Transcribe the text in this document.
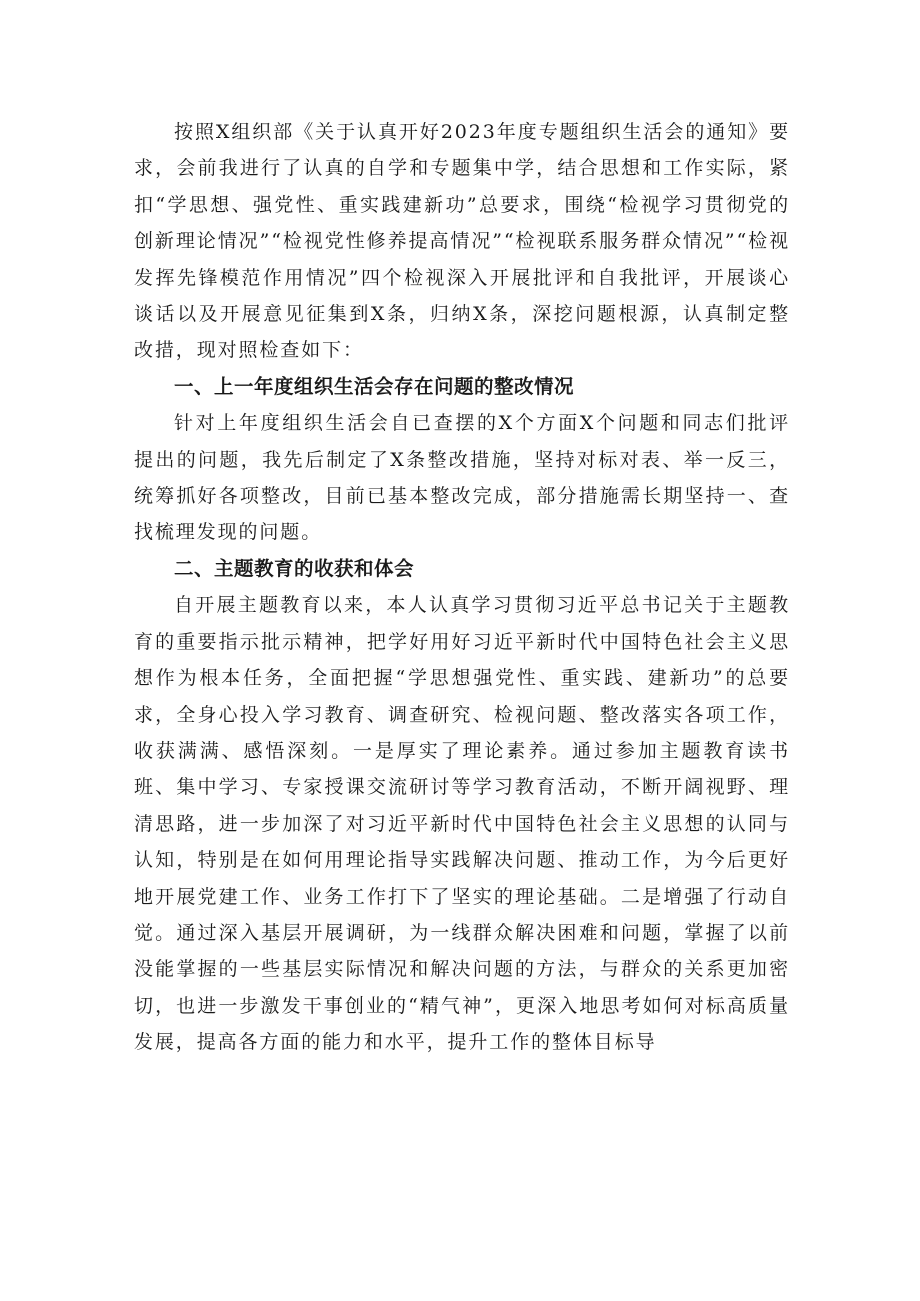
按照X组织部《关于认真开好2023年度专题组织生活会的通知》要求，会前我进行了认真的自学和专题集中学，结合思想和工作实际，紧扣“学思想、强党性、重实践建新功”总要求，围绕“检视学习贯彻党的创新理论情况”“检视党性修养提高情况”“检视联系服务群众情况”“检视发挥先锋模范作用情况”四个检视深入开展批评和自我批评，开展谈心谈话以及开展意见征集到X条，归纳X条，深挖问题根源，认真制定整改措，现对照检查如下：

一、上一年度组织生活会存在问题的整改情况

针对上年度组织生活会自已查摆的X个方面X个问题和同志们批评提出的问题，我先后制定了X条整改措施，坚持对标对表、举一反三，统筹抓好各项整改，目前已基本整改完成，部分措施需长期坚持一、查找梳理发现的问题。

二、主题教育的收获和体会

自开展主题教育以来，本人认真学习贯彻习近平总书记关于主题教育的重要指示批示精神，把学好用好习近平新时代中国特色社会主义思想作为根本任务，全面把握“学思想强党性、重实践、建新功”的总要求，全身心投入学习教育、调查研究、检视问题、整改落实各项工作，收获满满、感悟深刻。一是厚实了理论素养。通过参加主题教育读书班、集中学习、专家授课交流研讨等学习教育活动，不断开阔视野、理清思路，进一步加深了对习近平新时代中国特色社会主义思想的认同与认知，特别是在如何用理论指导实践解决问题、推动工作，为今后更好地开展党建工作、业务工作打下了坚实的理论基础。二是增强了行动自觉。通过深入基层开展调研，为一线群众解决困难和问题，掌握了以前没能掌握的一些基层实际情况和解决问题的方法，与群众的关系更加密切，也进一步激发干事创业的“精气神”，更深入地思考如何对标高质量发展，提高各方面的能力和水平，提升工作的整体目标导
